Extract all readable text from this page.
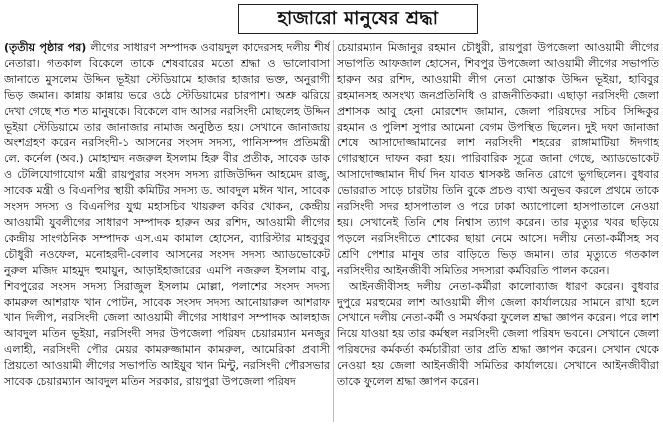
হাজারো মানুষের শ্রদ্ধা

(তৃতীয় পৃষ্ঠার পর) লীগের সাধারণ সম্পাদক ওবায়দুল কাদেরসহ দলীয় শীর্ষ নেতারা। গতকাল বিকেলে তাকে শেষবারের মতো শ্রদ্ধা ও ভালোবাসা জানাতে মুসলেম উদ্দিন ভূইয়া স্টেডিয়ামে হাজার হাজার ভক্ত, অনুরাগী ভিড় জমান। কান্নায় কান্নায় ভরে ওঠে স্টেডিয়ামের চারপাশ। অশ্রু ঝরিয়ে দেখা গেছে শত শত মানুষকে। বিকেলে বাদ আসর নরসিংদী মোছলেহ উদ্দিন ভূইয়া স্টেডিয়ামে তার জানাজার নামাজ অনুষ্ঠিত হয়। সেখানে জানাজায় অংশগ্রহণ করেন নরসিংদী-১ আসনের সংসদ সদস্য, পানিসম্পদ প্রতিমন্ত্রী লে. কর্নেল (অব.) মোহাম্মদ নজরুল ইসলাম হিরু বীর প্রতীক, সাবেক ডাক ও টেলিযোগাযোগ মন্ত্রী রায়পুরার সংসদ সদস্য রাজিউদ্দিন আহমেদ রাজু, সাবেক মন্ত্রী ও বিএনপির স্থায়ী কমিটির সদস্য ড. আবদুল মঈন খান, সাবেক সংসদ সদস্য ও বিএনপির যুগ্ম মহাসচিব খায়রুল কবির খোকন, কেন্দ্রীয় আওয়ামী যুবলীগের সাধারণ সম্পাদক হারুন অর রশিদ, আওয়ামী লীগের কেন্দ্রীয় সাংগঠনিক সম্পাদক এস.এম কামাল হোসেন, ব্যারিস্টার মাহবুবুর চৌধুরী নওফেল, মনোহরদী-বেলাব আসনের সংসদ সদস্য অ্যাডভোকেট নুরুল মজিদ মাহমুদ হুমায়ুন, আড়াইহাজারের এমপি নজরুল ইসলাম বাবু, শিবপুরের সংসদ সদস্য সিরাজুল ইসলাম মোল্লা, পলাশের সংসদ সদস্য কামরুল আশরাফ খান পোটন, সাবেক সংসদ সদস্য আনোয়ারুল আশরাফ খান দিলীপ, নরসিংদী জেলা আওয়ামী লীগের সাধারণ সম্পাদক আলহাজ আবদুল মতিন ভূইয়া, নরসিংদী সদর উপজেলা পরিষদ চেয়ারম্যান মনজুর এলাহী, নরসিংদী পৌর মেয়র কামরুজ্জামান কামরুল, আমেরিকা প্রবাসী প্রিয়তো আওয়ামী লীগের সভাপতি আইয়ুব খান মিন্টু, নরসিংদী পৌরসভার সাবেক চেয়ারম্যান আবদুল মতিন সরকার, রায়পুরা উপজেলা পরিষদ

চেয়ারম্যান মিজানুর রহমান চৌধুরী, রায়পুরা উপজেলা আওয়ামী লীগের সভাপতি আফজাল হোসেন, শিবপুর উপজেলা আওয়ামী লীগের সভাপতি হারুন অর রশিদ, আওয়ামী লীগ নেতা মোস্তাক উদ্দিন ভূইয়া, হাবিবুর রহমানসহ অসংখ্য জনপ্রতিনিধি ও রাজনীতিকরা। এছাড়া নরসিংদী জেলা প্রশাসক আবু হেনা মোরশেদ জামান, জেলা পরিষদের সচিব সিদ্দিকুর রহমান ও পুলিশ সুপার আমেনা বেগম উপস্থিত ছিলেন। দুই দফা জানাজা শেষে আসাদোজ্জামানের লাশ নরসিংদী শহরের রাঙ্গামাটিয়া ঈদগাহ গোরস্থানে দাফন করা হয়। পারিবারিক সূত্রে জানা গেছে, অ্যাডভোকেট আসাদোজ্জামান দীর্ঘ দিন যাবত শ্বাসকষ্ট জনিত রোগে ভুগছিলেন। বুধবার ভোররাত সাড়ে চারটায় তিনি বুকে প্রচণ্ড ব্যথা অনুভব করলে প্রথমে তাকে নরসিংদী সদর হাসপাতাল ও পরে ঢাকা অ্যাপোলো হাসপাতালে নেওয়া হয়। সেখানেই তিনি শেষ নিশ্বাস ত্যাগ করেন। তার মৃত্যুর খবর ছড়িয়ে পড়লে নরসিংদীতে শোকের ছায়া নেমে আসে। দলীয় নেতা-কর্মীসহ সব শ্রেণি পেশার মানুষ তার বাড়িতে ভিড় জমান। তার মৃত্যুতে গতকাল নরসিংদীর আইনজীবী সমিতির সদস্যরা কর্মবিরতি পালন করেন।

আইনজীবীসহ দলীয় নেতা-কর্মীরা কালোব্যাজ ধারণ করেন। বুধবার দুপুরে মরহুমের লাশ আওয়ামী লীগ জেলা কার্যালয়ের সামনে রাখা হলে সেখানে দলীয় নেতা-কর্মী ও সমর্থকরা ফুলেল শ্রদ্ধা জ্ঞাপন করেন। পরে লাশ নিয়ে যাওয়া হয় তার কর্মস্থল নরসিংদী জেলা পরিষদ ভবনে। সেখানে জেলা পরিষদের কর্মকর্তা কর্মচারীরা তার প্রতি শ্রদ্ধা জ্ঞাপন করেন। সেখান থেকে নেওয়া হয় জেলা আইনজীবী সমিতির কার্যালয়ে। সেখানে আইনজীবীরা তাকে ফুলেল শ্রদ্ধা জ্ঞাপন করেন।
